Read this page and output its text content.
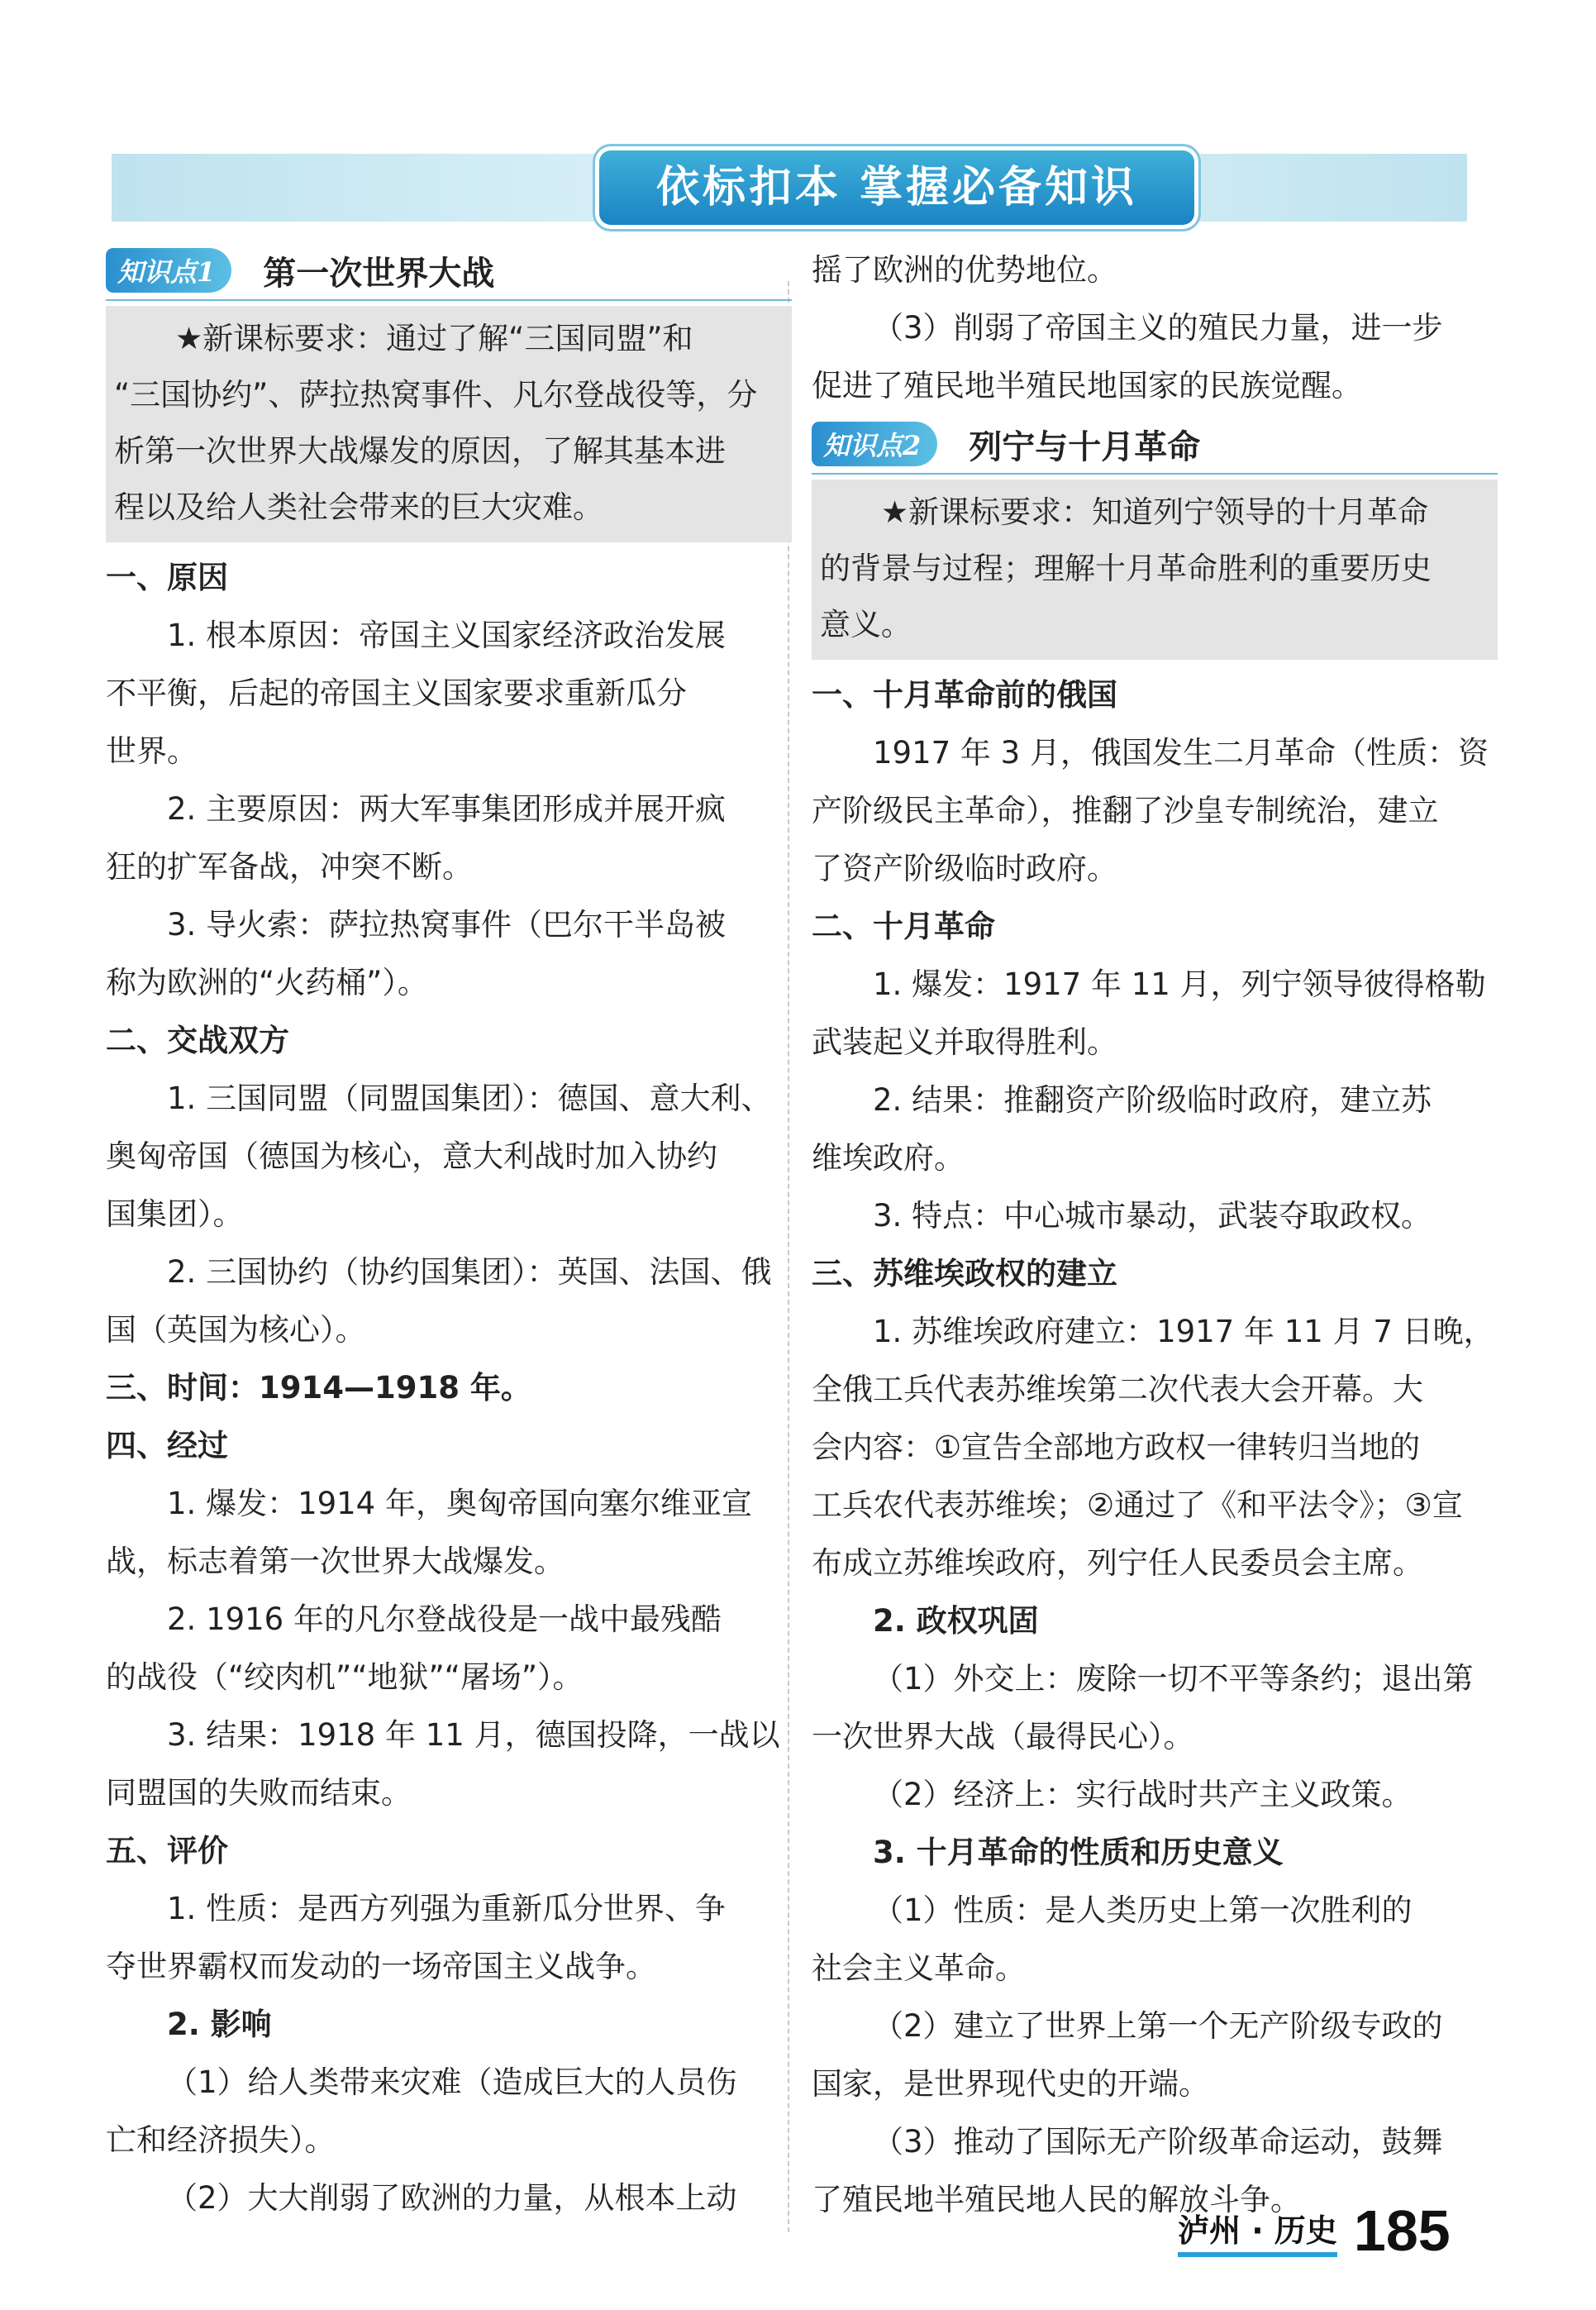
依标扣本 掌握必备知识
知识点1	第一次世界大战
★新课标要求：通过了解“三国同盟”和
“三国协约”、萨拉热窝事件、凡尔登战役等，分
析第一次世界大战爆发的原因，了解其基本进
程以及给人类社会带来的巨大灾难。
一、原因
1. 根本原因：帝国主义国家经济政治发展
不平衡，后起的帝国主义国家要求重新瓜分
世界。
2. 主要原因：两大军事集团形成并展开疯
狂的扩军备战，冲突不断。
3. 导火索：萨拉热窝事件（巴尔干半岛被
称为欧洲的“火药桶”）。
二、交战双方
1. 三国同盟（同盟国集团）：德国、意大利、
奥匈帝国（德国为核心，意大利战时加入协约
国集团）。
2. 三国协约（协约国集团）：英国、法国、俄
国（英国为核心）。
三、时间：1914—1918 年。
四、经过
1. 爆发：1914 年，奥匈帝国向塞尔维亚宣
战，标志着第一次世界大战爆发。
2. 1916 年的凡尔登战役是一战中最残酷
的战役（“绞肉机”“地狱”“屠场”）。
3. 结果：1918 年 11 月，德国投降，一战以
同盟国的失败而结束。
五、评价
1. 性质：是西方列强为重新瓜分世界、争
夺世界霸权而发动的一场帝国主义战争。
2. 影响
（1）给人类带来灾难（造成巨大的人员伤
亡和经济损失）。
（2）大大削弱了欧洲的力量，从根本上动
摇了欧洲的优势地位。
（3）削弱了帝国主义的殖民力量，进一步
促进了殖民地半殖民地国家的民族觉醒。
知识点2	列宁与十月革命
★新课标要求：知道列宁领导的十月革命
的背景与过程；理解十月革命胜利的重要历史
意义。
一、十月革命前的俄国
1917 年 3 月，俄国发生二月革命（性质：资
产阶级民主革命），推翻了沙皇专制统治，建立
了资产阶级临时政府。
二、十月革命
1. 爆发：1917 年 11 月，列宁领导彼得格勒
武装起义并取得胜利。
2. 结果：推翻资产阶级临时政府，建立苏
维埃政府。
3. 特点：中心城市暴动，武装夺取政权。
三、苏维埃政权的建立
1. 苏维埃政府建立：1917 年 11 月 7 日晚，
全俄工兵代表苏维埃第二次代表大会开幕。大
会内容：①宣告全部地方政权一律转归当地的
工兵农代表苏维埃；②通过了《和平法令》；③宣
布成立苏维埃政府，列宁任人民委员会主席。
2. 政权巩固
（1）外交上：废除一切不平等条约；退出第
一次世界大战（最得民心）。
（2）经济上：实行战时共产主义政策。
3. 十月革命的性质和历史意义
（1）性质：是人类历史上第一次胜利的
社会主义革命。
（2）建立了世界上第一个无产阶级专政的
国家，是世界现代史的开端。
（3）推动了国际无产阶级革命运动，鼓舞
了殖民地半殖民地人民的解放斗争。
泸州 · 历史 185
